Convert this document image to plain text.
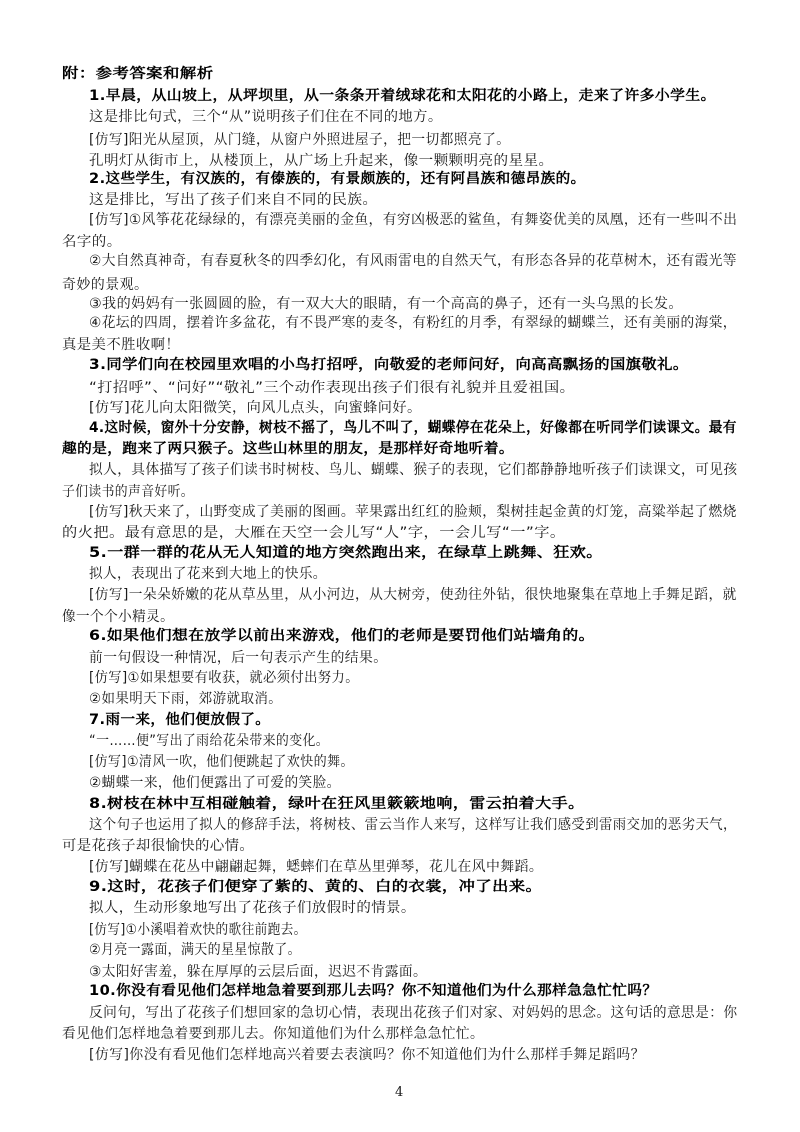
附：参考答案和解析
1.早晨，从山坡上，从坪坝里，从一条条开着绒球花和太阳花的小路上，走来了许多小学生。
这是排比句式，三个“从”说明孩子们住在不同的地方。
[仿写]阳光从屋顶，从门缝，从窗户外照进屋子，把一切都照亮了。
孔明灯从街市上，从楼顶上，从广场上升起来，像一颗颗明亮的星星。
2.这些学生，有汉族的，有傣族的，有景颇族的，还有阿昌族和德昂族的。
这是排比，写出了孩子们来自不同的民族。
[仿写]①风筝花花绿绿的，有漂亮美丽的金鱼，有穷凶极恶的鲨鱼，有舞姿优美的凤凰，还有一些叫不出
名字的。
②大自然真神奇，有春夏秋冬的四季幻化，有风雨雷电的自然天气，有形态各异的花草树木，还有霞光等
奇妙的景观。
③我的妈妈有一张圆圆的脸，有一双大大的眼睛，有一个高高的鼻子，还有一头乌黑的长发。
④花坛的四周，摆着许多盆花，有不畏严寒的麦冬，有粉红的月季，有翠绿的蝴蝶兰，还有美丽的海棠，
真是美不胜收啊！
3.同学们向在校园里欢唱的小鸟打招呼，向敬爱的老师问好，向高高飘扬的国旗敬礼。
“打招呼”、“问好”“敬礼”三个动作表现出孩子们很有礼貌并且爱祖国。
[仿写]花儿向太阳微笑，向风儿点头，向蜜蜂问好。
4.这时候，窗外十分安静，树枝不摇了，鸟儿不叫了，蝴蝶停在花朵上，好像都在听同学们读课文。最有
趣的是，跑来了两只猴子。这些山林里的朋友，是那样好奇地听着。
拟人，具体描写了孩子们读书时树枝、鸟儿、蝴蝶、猴子的表现，它们都静静地听孩子们读课文，可见孩
子们读书的声音好听。
[仿写]秋天来了，山野变成了美丽的图画。苹果露出红红的脸颊，梨树挂起金黄的灯笼，高粱举起了燃烧
的火把。最有意思的是，大雁在天空一会儿写“人”字，一会儿写“一”字。
5.一群一群的花从无人知道的地方突然跑出来，在绿草上跳舞、狂欢。
拟人，表现出了花来到大地上的快乐。
[仿写]一朵朵娇嫩的花从草丛里，从小河边，从大树旁，使劲往外钻，很快地聚集在草地上手舞足蹈，就
像一个个小精灵。
6.如果他们想在放学以前出来游戏，他们的老师是要罚他们站墙角的。
前一句假设一种情况，后一句表示产生的结果。
[仿写]①如果想要有收获，就必须付出努力。
②如果明天下雨，郊游就取消。
7.雨一来，他们便放假了。
“一……便”写出了雨给花朵带来的变化。
[仿写]①清风一吹，他们便跳起了欢快的舞。
②蝴蝶一来，他们便露出了可爱的笑脸。
8.树枝在林中互相碰触着，绿叶在狂风里簌簌地响，雷云拍着大手。
这个句子也运用了拟人的修辞手法，将树枝、雷云当作人来写，这样写让我们感受到雷雨交加的恶劣天气，
可是花孩子却很愉快的心情。
[仿写]蝴蝶在花丛中翩翩起舞，蟋蟀们在草丛里弹琴，花儿在风中舞蹈。
9.这时，花孩子们便穿了紫的、黄的、白的衣裳，冲了出来。
拟人，生动形象地写出了花孩子们放假时的情景。
[仿写]①小溪唱着欢快的歌往前跑去。
②月亮一露面，满天的星星惊散了。
③太阳好害羞，躲在厚厚的云层后面，迟迟不肯露面。
10.你没有看见他们怎样地急着要到那儿去吗？你不知道他们为什么那样急急忙忙吗？
反问句，写出了花孩子们想回家的急切心情，表现出花孩子们对家、对妈妈的思念。这句话的意思是：你
看见他们怎样地急着要到那儿去。你知道他们为什么那样急急忙忙。
[仿写]你没有看见他们怎样地高兴着要去表演吗？你不知道他们为什么那样手舞足蹈吗？
4
